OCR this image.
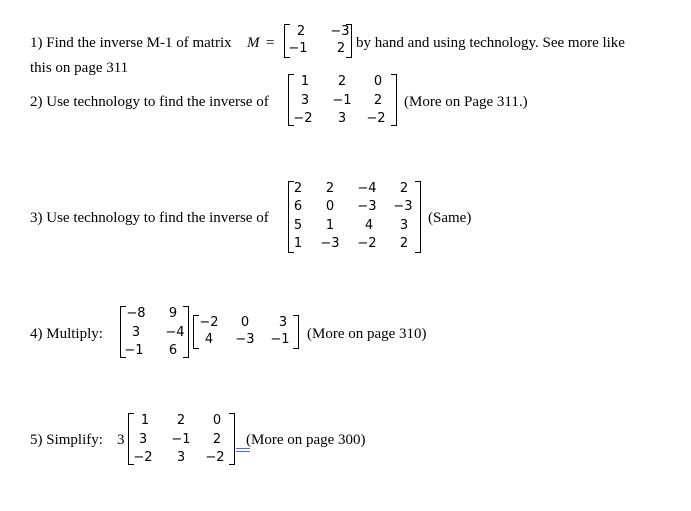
1) Find the inverse M-1 of matrix M =
2 −3
−1 2 by hand and using technology. See more like
this on page 311
2) Use technology to find the inverse of
1 2 0
3 −1 2
−2 3 −2
(More on Page 311.)
3) Use technology to find the inverse of
2 2 −4 2
6 0 −3 −3
5 1 4 3
1 −3 −2 2
(Same)
4) Multiply:
−8 9
3 −4
−1 6
−2 0 3
4 −3 −1 (More on page 310)
5) Simplify: 3
1 2 0
3 −1 2
−2 3 −2
(More on page 300)
